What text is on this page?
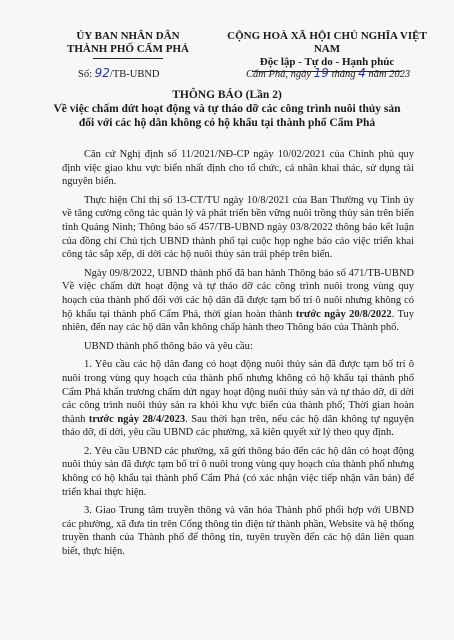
ỦY BAN NHÂN DÂN
THÀNH PHỐ CẨM PHẢ
CỘNG HOÀ XÃ HỘI CHỦ NGHĨA VIỆT NAM
Độc lập - Tự do - Hạnh phúc
Số: 92/TB-UBND	Cẩm Phả, ngày 19 tháng 4 năm 2023
THÔNG BÁO (Lần 2)
Về việc chấm dứt hoạt động và tự tháo dỡ các công trình nuôi thủy sản
đối với các hộ dân không có hộ khẩu tại thành phố Cẩm Phả

Căn cứ Nghị định số 11/2021/NĐ-CP ngày 10/02/2021 của Chính phủ quy định việc giao khu vực biển nhất định cho tổ chức, cá nhân khai thác, sử dụng tài nguyên biển.

Thực hiện Chỉ thị số 13-CT/TU ngày 10/8/2021 của Ban Thường vụ Tỉnh ủy về tăng cường công tác quản lý và phát triển bền vững nuôi trồng thủy sản trên biển tỉnh Quảng Ninh; Thông báo số 457/TB-UBND ngày 03/8/2022 thông báo kết luận của đồng chí Chủ tịch UBND thành phố tại cuộc họp nghe báo cáo việc triển khai công tác sắp xếp, di dời các hộ nuôi thủy sản trái phép trên biển.

Ngày 09/8/2022, UBND thành phố đã ban hành Thông báo số 471/TB-UBND Về việc chấm dứt hoạt động và tự tháo dỡ các công trình nuôi trong vùng quy hoạch của thành phố đối với các hộ dân đã được tạm bố trí ô nuôi nhưng không có hộ khẩu tại thành phố Cẩm Phả, thời gian hoàn thành trước ngày 20/8/2022. Tuy nhiên, đến nay các hộ dân vẫn không chấp hành theo Thông báo của Thành phố.

UBND thành phố thông báo và yêu cầu:

1. Yêu cầu các hộ dân đang có hoạt động nuôi thủy sản đã được tạm bố trí ô nuôi trong vùng quy hoạch của thành phố nhưng không có hộ khẩu tại thành phố Cẩm Phả khẩn trương chấm dứt ngay hoạt động nuôi thủy sản và tự tháo dỡ, di dời các công trình nuôi thủy sản ra khỏi khu vực biển của thành phố; Thời gian hoàn thành trước ngày 28/4/2023. Sau thời hạn trên, nếu các hộ dân không tự nguyện tháo dỡ, di dời, yêu cầu UBND các phường, xã kiên quyết xử lý theo quy định.

2. Yêu cầu UBND các phường, xã gửi thông báo đến các hộ dân có hoạt động nuôi thủy sản đã được tạm bố trí ô nuôi trong vùng quy hoạch của thành phố nhưng không có hộ khẩu tại thành phố Cẩm Phả (có xác nhận việc tiếp nhận văn bản) để triển khai thực hiện.

3. Giao Trung tâm truyền thông và văn hóa Thành phố phối hợp với UBND các phường, xã đưa tin trên Cổng thông tin điện tử thành phần, Website và hệ thống truyền thanh của Thành phố để thông tin, tuyên truyền đến các hộ dân liên quan biết, thực hiện.
